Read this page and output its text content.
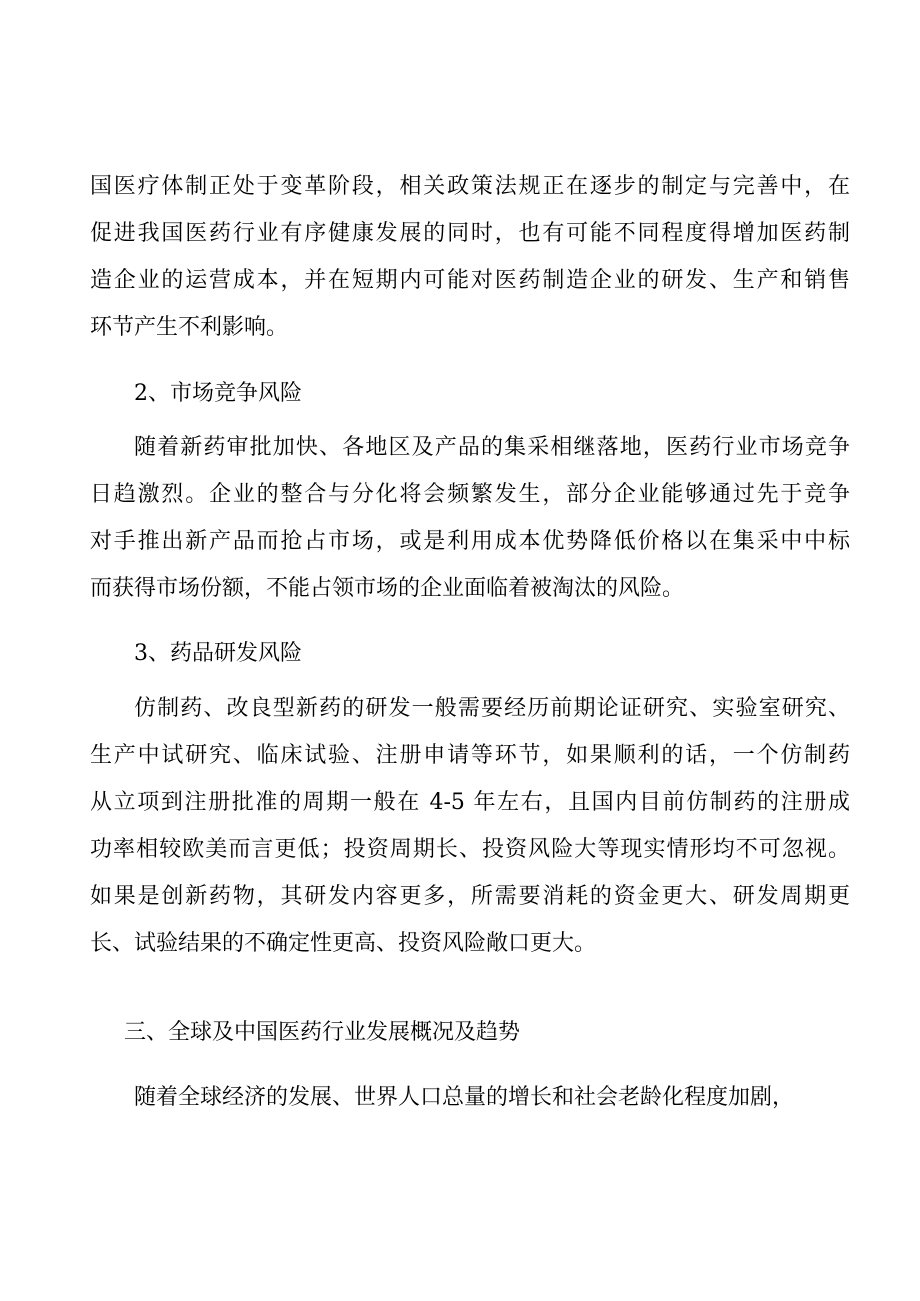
国医疗体制正处于变革阶段，相关政策法规正在逐步的制定与完善中，在
促进我国医药行业有序健康发展的同时，也有可能不同程度得增加医药制
造企业的运营成本，并在短期内可能对医药制造企业的研发、生产和销售
环节产生不利影响。
2、市场竞争风险
随着新药审批加快、各地区及产品的集采相继落地，医药行业市场竞争
日趋激烈。企业的整合与分化将会频繁发生，部分企业能够通过先于竞争
对手推出新产品而抢占市场，或是利用成本优势降低价格以在集采中中标
而获得市场份额，不能占领市场的企业面临着被淘汰的风险。
3、药品研发风险
仿制药、改良型新药的研发一般需要经历前期论证研究、实验室研究、
生产中试研究、临床试验、注册申请等环节，如果顺利的话，一个仿制药
从立项到注册批准的周期一般在 4-5 年左右，且国内目前仿制药的注册成
功率相较欧美而言更低；投资周期长、投资风险大等现实情形均不可忽视。
如果是创新药物，其研发内容更多，所需要消耗的资金更大、研发周期更
长、试验结果的不确定性更高、投资风险敞口更大。
三、全球及中国医药行业发展概况及趋势
随着全球经济的发展、世界人口总量的增长和社会老龄化程度加剧，
